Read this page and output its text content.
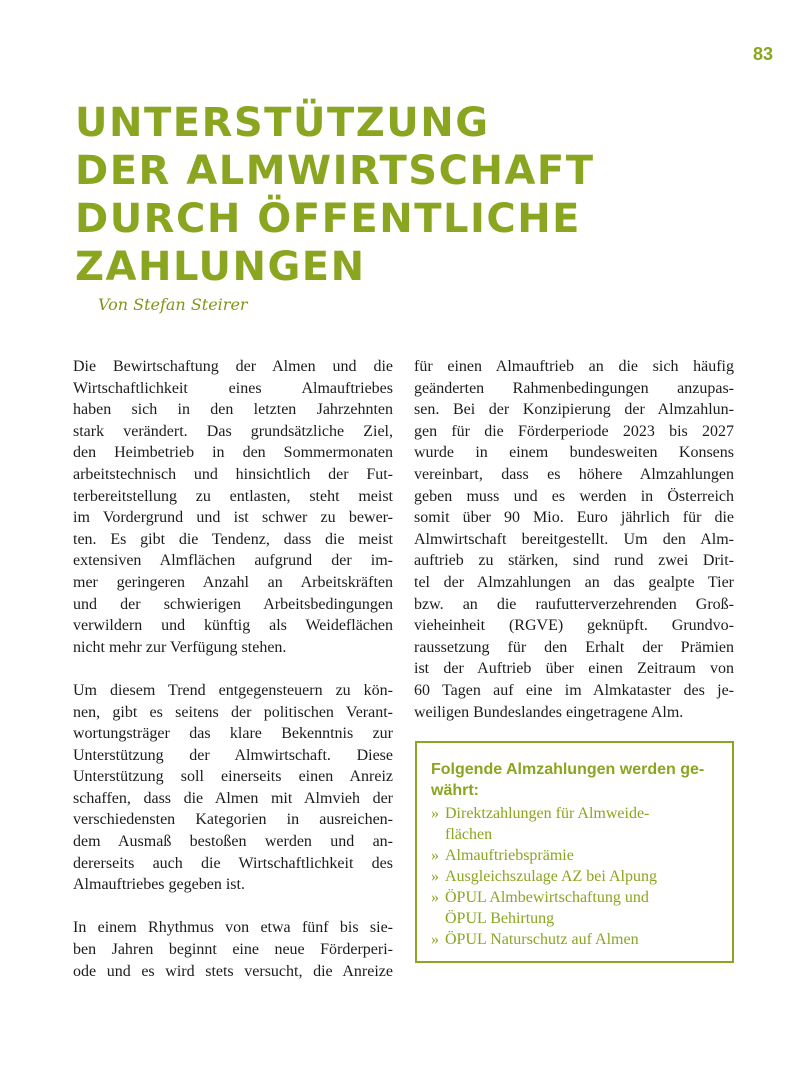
83
UNTERSTÜTZUNG
DER ALMWIRTSCHAFT
DURCH ÖFFENTLICHE
ZAHLUNGEN
Von Stefan Steirer

Die Bewirtschaftung der Almen und die
Wirtschaftlichkeit eines Almauftriebes
haben sich in den letzten Jahrzehnten
stark verändert. Das grundsätzliche Ziel,
den Heimbetrieb in den Sommermonaten
arbeitstechnisch und hinsichtlich der Fut-
terbereitstellung zu entlasten, steht meist
im Vordergrund und ist schwer zu bewer-
ten. Es gibt die Tendenz, dass die meist
extensiven Almflächen aufgrund der im-
mer geringeren Anzahl an Arbeitskräften
und der schwierigen Arbeitsbedingungen
verwildern und künftig als Weideflächen
nicht mehr zur Verfügung stehen.

Um diesem Trend entgegensteuern zu kön-
nen, gibt es seitens der politischen Verant-
wortungsträger das klare Bekenntnis zur
Unterstützung der Almwirtschaft. Diese
Unterstützung soll einerseits einen Anreiz
schaffen, dass die Almen mit Almvieh der
verschiedensten Kategorien in ausreichen-
dem Ausmaß bestoßen werden und an-
dererseits auch die Wirtschaftlichkeit des
Almauftriebes gegeben ist.

In einem Rhythmus von etwa fünf bis sie-
ben Jahren beginnt eine neue Förderperi-
ode und es wird stets versucht, die Anreize

für einen Almauftrieb an die sich häufig
geänderten Rahmenbedingungen anzupas-
sen. Bei der Konzipierung der Almzahlun-
gen für die Förderperiode 2023 bis 2027
wurde in einem bundesweiten Konsens
vereinbart, dass es höhere Almzahlungen
geben muss und es werden in Österreich
somit über 90 Mio. Euro jährlich für die
Almwirtschaft bereitgestellt. Um den Alm-
auftrieb zu stärken, sind rund zwei Drit-
tel der Almzahlungen an das gealpte Tier
bzw. an die raufutterverzehrenden Groß-
vieheinheit (RGVE) geknüpft. Grundvo-
raussetzung für den Erhalt der Prämien
ist der Auftrieb über einen Zeitraum von
60 Tagen auf eine im Almkataster des je-
weiligen Bundeslandes eingetragene Alm.

Folgende Almzahlungen werden ge-
währt:
» Direktzahlungen für Almweide-
flächen
» Almauftriebsprämie
» Ausgleichszulage AZ bei Alpung
» ÖPUL Almbewirtschaftung und
ÖPUL Behirtung
» ÖPUL Naturschutz auf Almen
